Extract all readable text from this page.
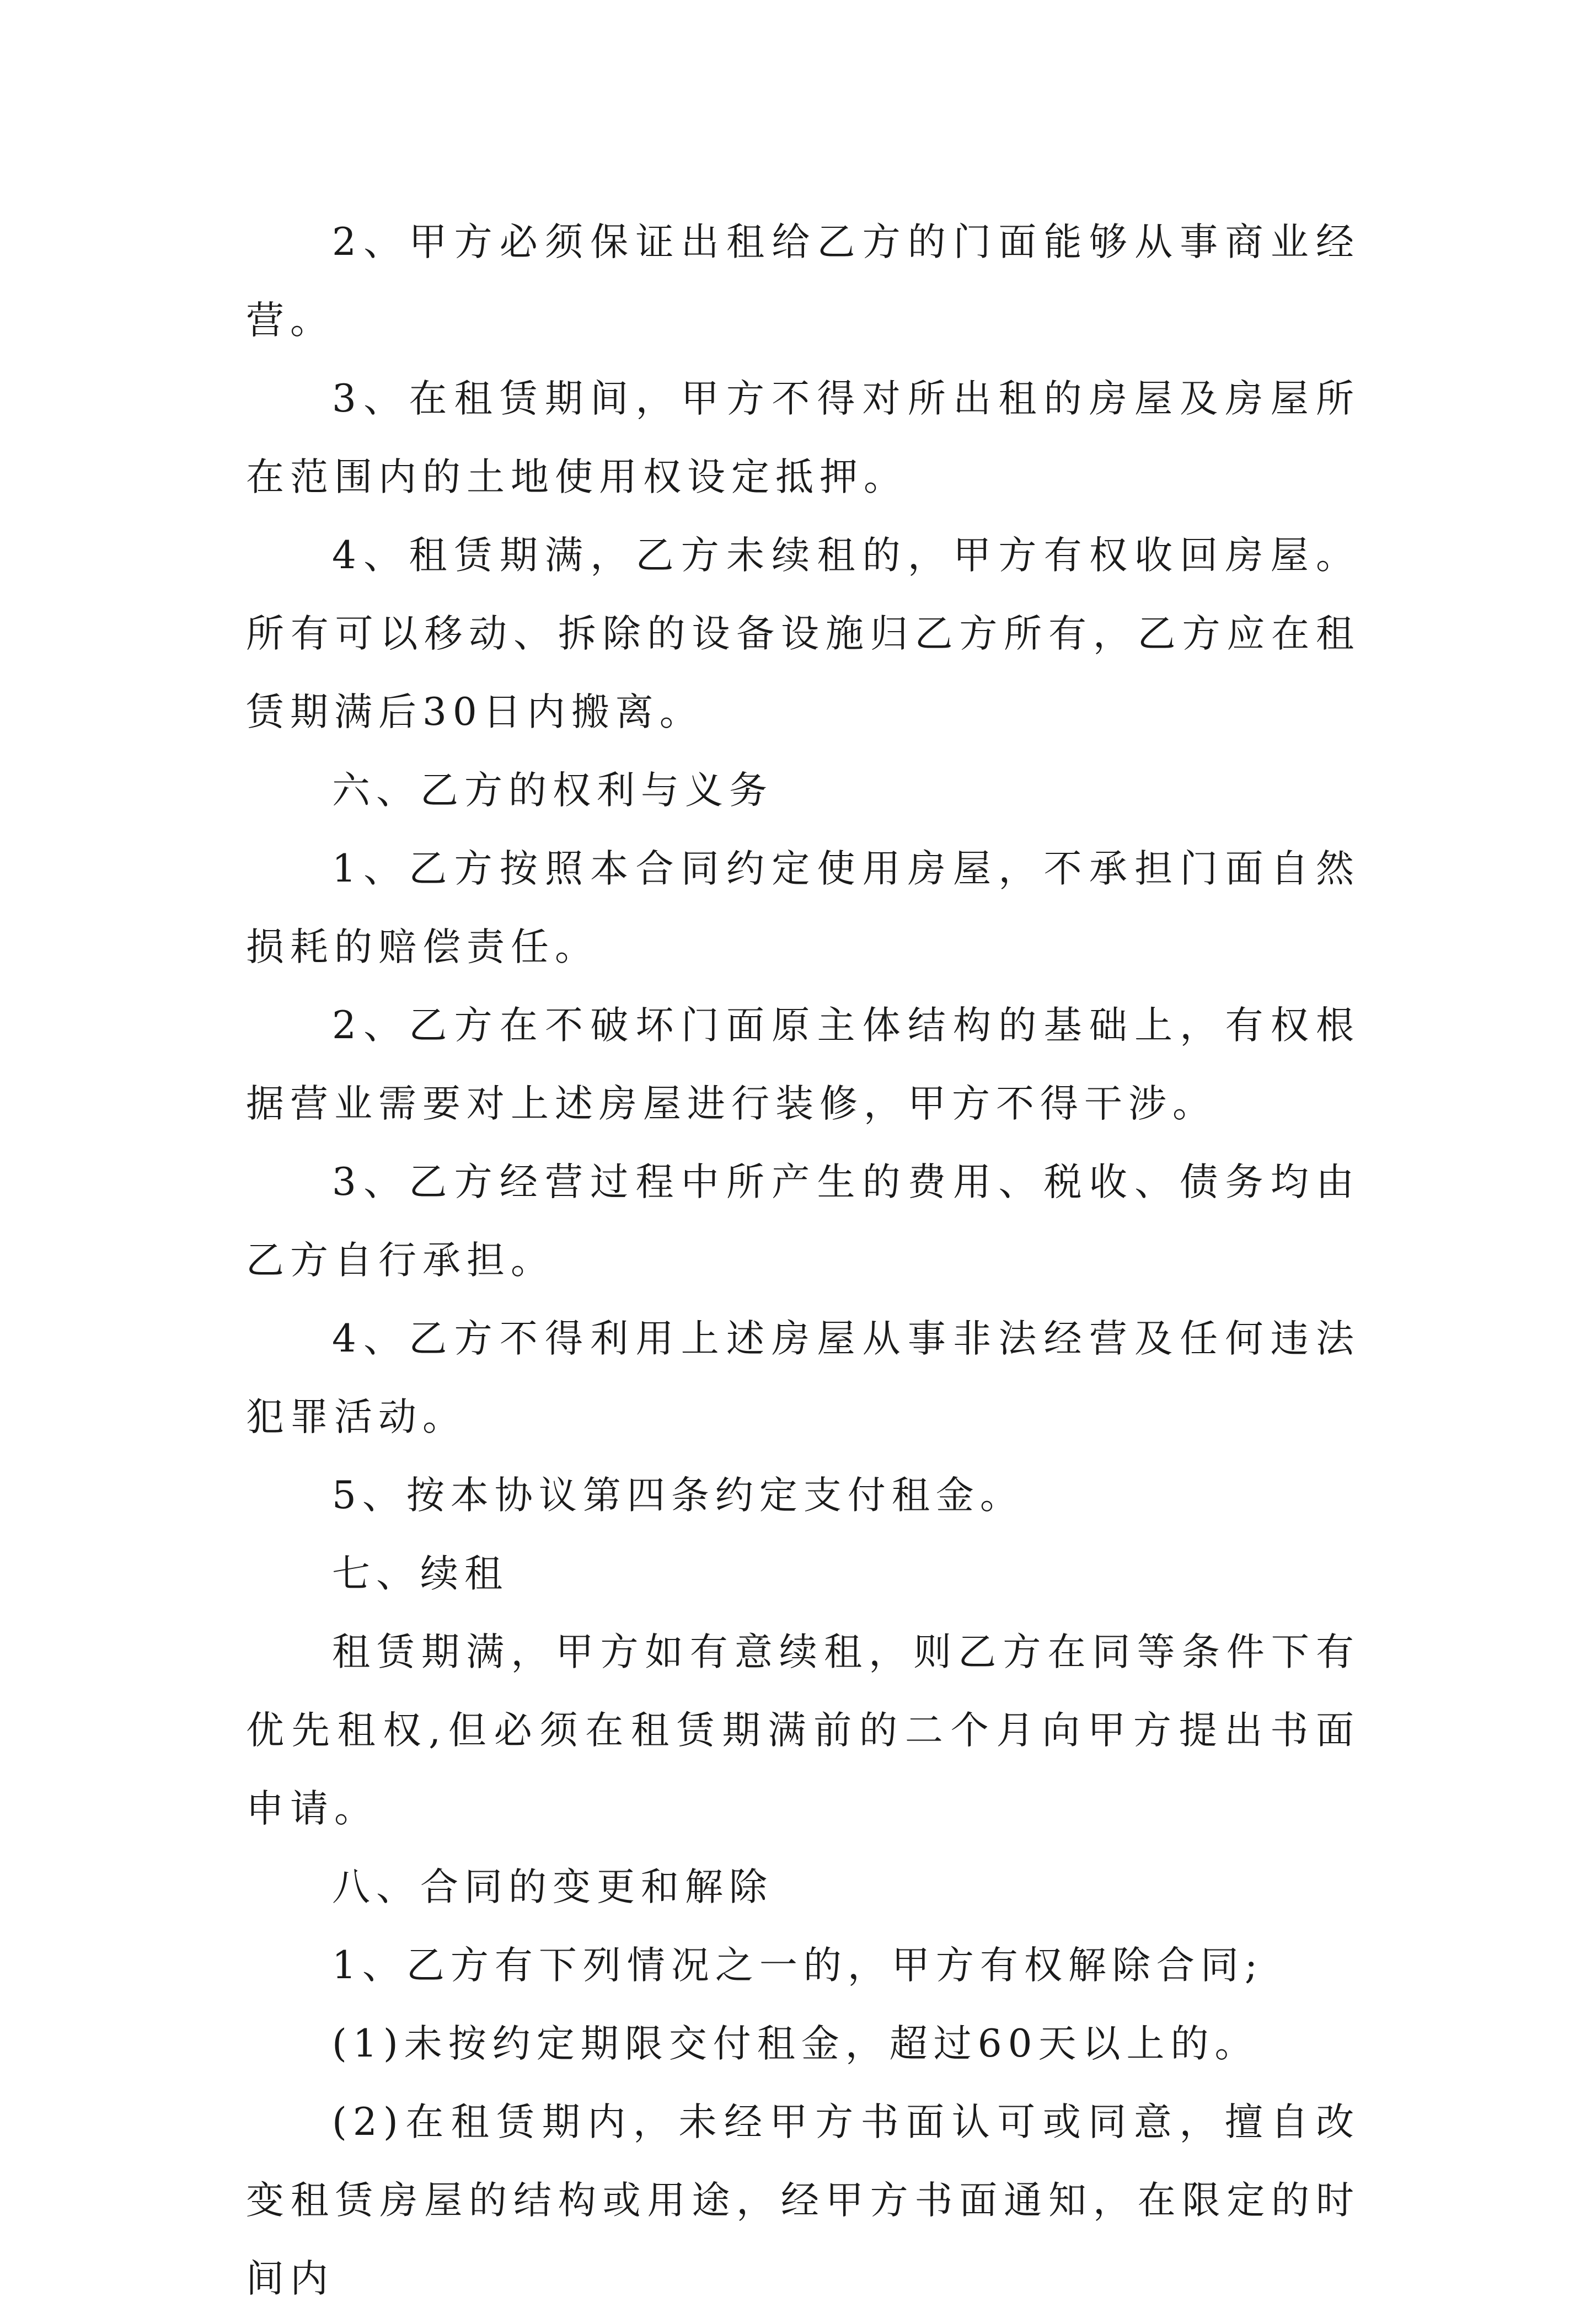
2、甲方必须保证出租给乙方的门面能够从事商业经营。

3、在租赁期间，甲方不得对所出租的房屋及房屋所在范围内的土地使用权设定抵押。

4、租赁期满，乙方未续租的，甲方有权收回房屋。所有可以移动、拆除的设备设施归乙方所有，乙方应在租赁期满后30日内搬离。

六、乙方的权利与义务

1、乙方按照本合同约定使用房屋，不承担门面自然损耗的赔偿责任。

2、乙方在不破坏门面原主体结构的基础上，有权根据营业需要对上述房屋进行装修，甲方不得干涉。

3、乙方经营过程中所产生的费用、税收、债务均由乙方自行承担。

4、乙方不得利用上述房屋从事非法经营及任何违法犯罪活动。

5、按本协议第四条约定支付租金。

七、续租

租赁期满，甲方如有意续租，则乙方在同等条件下有优先租权,但必须在租赁期满前的二个月向甲方提出书面申请。

八、合同的变更和解除

1、乙方有下列情况之一的，甲方有权解除合同;

(1)未按约定期限交付租金，超过60天以上的。

(2)在租赁期内，未经甲方书面认可或同意，擅自改变租赁房屋的结构或用途，经甲方书面通知，在限定的时间内
